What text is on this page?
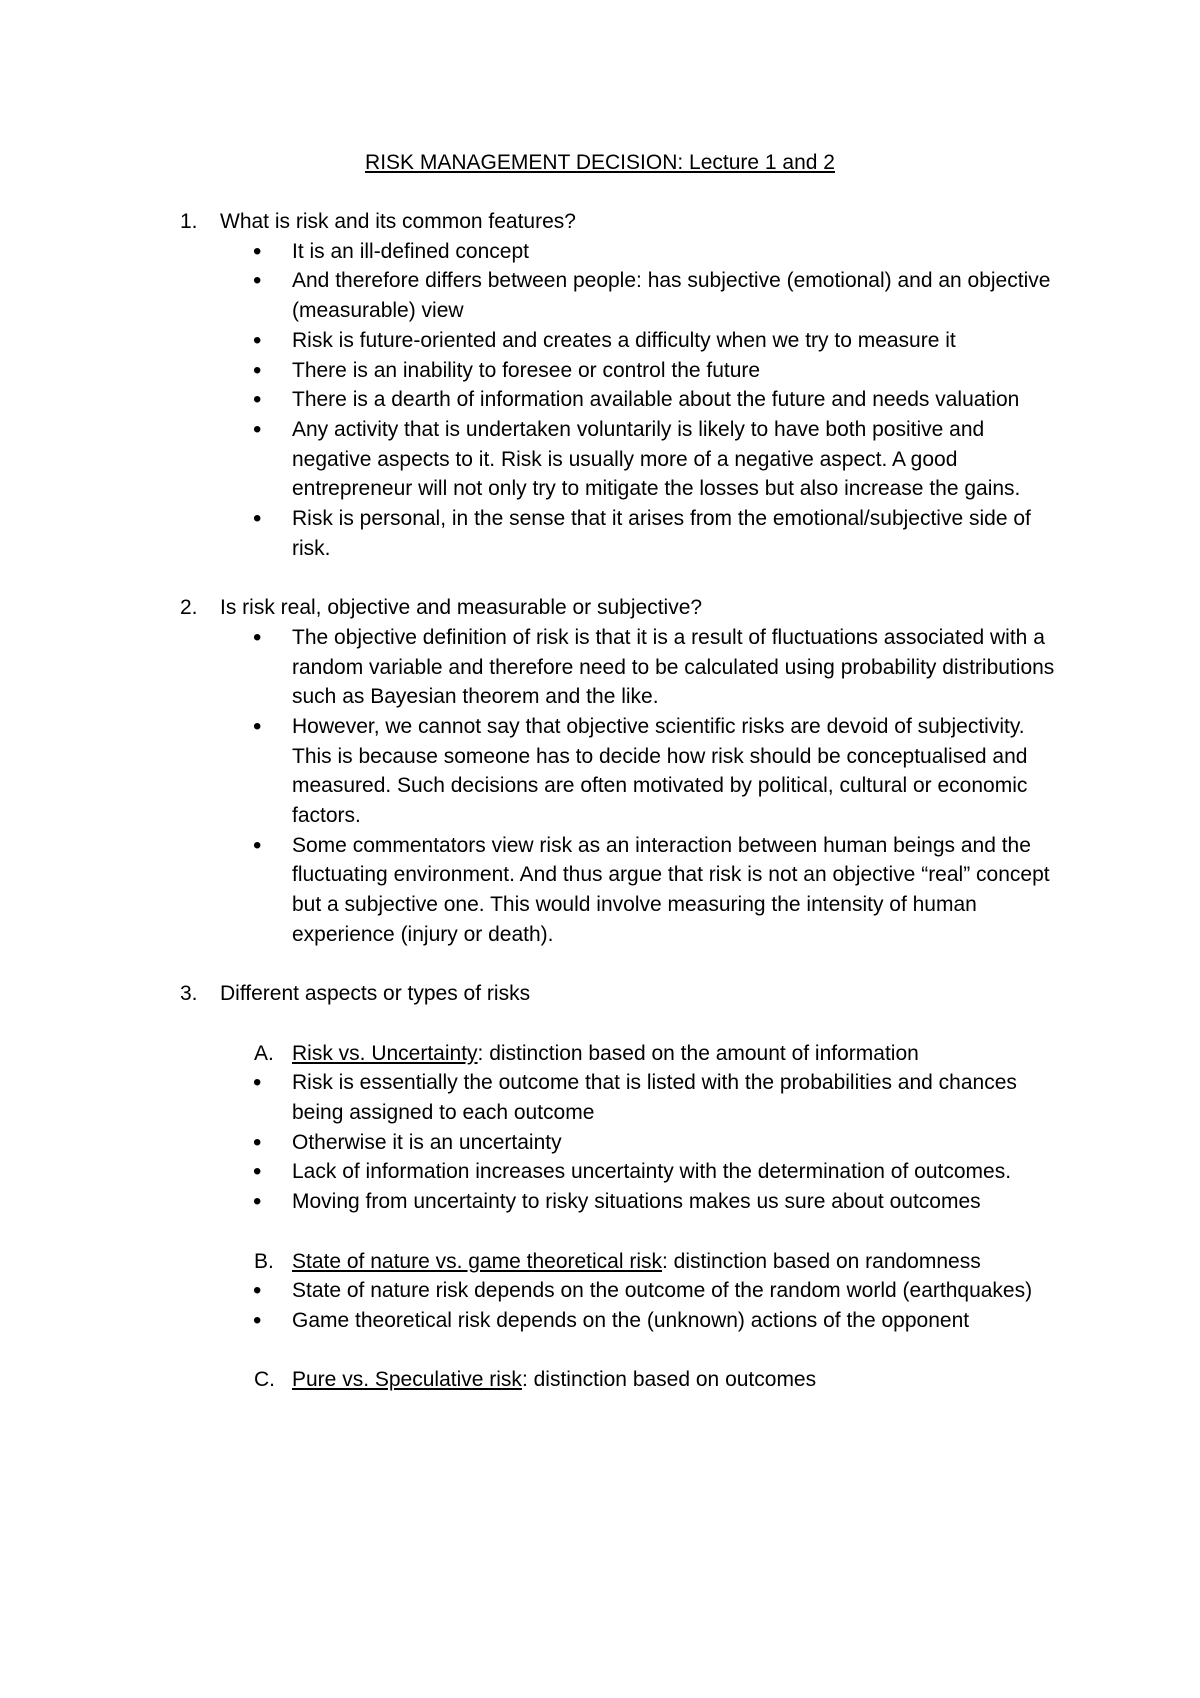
RISK MANAGEMENT DECISION: Lecture 1 and 2
1. What is risk and its common features?
• It is an ill-defined concept
• And therefore differs between people: has subjective (emotional) and an objective (measurable) view
• Risk is future-oriented and creates a difficulty when we try to measure it
• There is an inability to foresee or control the future
• There is a dearth of information available about the future and needs valuation
• Any activity that is undertaken voluntarily is likely to have both positive and negative aspects to it. Risk is usually more of a negative aspect. A good entrepreneur will not only try to mitigate the losses but also increase the gains.
• Risk is personal, in the sense that it arises from the emotional/subjective side of risk.
2. Is risk real, objective and measurable or subjective?
• The objective definition of risk is that it is a result of fluctuations associated with a random variable and therefore need to be calculated using probability distributions such as Bayesian theorem and the like.
• However, we cannot say that objective scientific risks are devoid of subjectivity. This is because someone has to decide how risk should be conceptualised and measured. Such decisions are often motivated by political, cultural or economic factors.
• Some commentators view risk as an interaction between human beings and the fluctuating environment. And thus argue that risk is not an objective “real” concept but a subjective one. This would involve measuring the intensity of human experience (injury or death).
3. Different aspects or types of risks
A. Risk vs. Uncertainty: distinction based on the amount of information
• Risk is essentially the outcome that is listed with the probabilities and chances being assigned to each outcome
• Otherwise it is an uncertainty
• Lack of information increases uncertainty with the determination of outcomes.
• Moving from uncertainty to risky situations makes us sure about outcomes
B. State of nature vs. game theoretical risk: distinction based on randomness
• State of nature risk depends on the outcome of the random world (earthquakes)
• Game theoretical risk depends on the (unknown) actions of the opponent
C. Pure vs. Speculative risk: distinction based on outcomes
